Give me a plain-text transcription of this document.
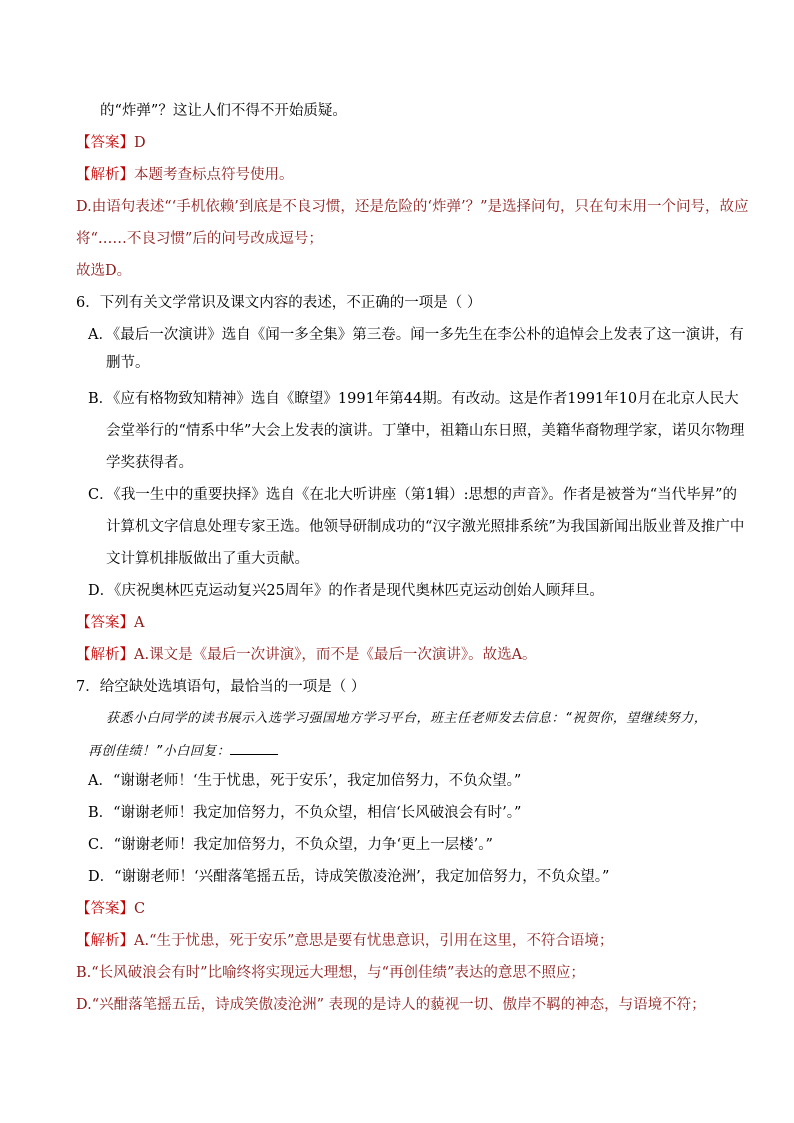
的“炸弹”？这让人们不得不开始质疑。
【答案】D
【解析】本题考查标点符号使用。
D.由语句表述“‘手机依赖’到底是不良习惯，还是危险的‘炸弹’？”是选择问句，只在句末用一个问号，故应
将“……不良习惯”后的问号改成逗号；
故选D。
6．下列有关文学常识及课文内容的表述，不正确的一项是（ ）
A．《最后一次演讲》选自《闻一多全集》第三卷。闻一多先生在李公朴的追悼会上发表了这一演讲，有
删节。
B．《应有格物致知精神》选自《瞭望》1991年第44期。有改动。这是作者1991年10月在北京人民大
会堂举行的“情系中华”大会上发表的演讲。丁肇中，祖籍山东日照，美籍华裔物理学家，诺贝尔物理
学奖获得者。
C．《我一生中的重要抉择》选自《在北大听讲座（第1辑）:思想的声音》。作者是被誉为“当代毕昇”的
计算机文字信息处理专家王选。他领导研制成功的“汉字激光照排系统”为我国新闻出版业普及推广中
文计算机排版做出了重大贡献。
D．《庆祝奥林匹克运动复兴25周年》的作者是现代奥林匹克运动创始人顾拜旦。
【答案】A
【解析】A.课文是《最后一次讲演》，而不是《最后一次演讲》。故选A。
7．给空缺处选填语句，最恰当的一项是（ ）
获悉小白同学的读书展示入选学习强国地方学习平台，班主任老师发去信息：“祝贺你，望继续努力，
再创佳绩！”小白回复：
A．“谢谢老师！‘生于忧患，死于安乐’，我定加倍努力，不负众望。”
B．“谢谢老师！我定加倍努力，不负众望，相信‘长风破浪会有时’。”
C．“谢谢老师！我定加倍努力，不负众望，力争‘更上一层楼’。”
D．“谢谢老师！‘兴酣落笔摇五岳，诗成笑傲凌沧洲’，我定加倍努力，不负众望。”
【答案】C
【解析】A.“生于忧患，死于安乐”意思是要有忧患意识，引用在这里，不符合语境；
B.“长风破浪会有时”比喻终将实现远大理想，与“再创佳绩”表达的意思不照应；
D.“兴酣落笔摇五岳，诗成笑傲凌沧洲” 表现的是诗人的藐视一切、傲岸不羁的神态，与语境不符；
